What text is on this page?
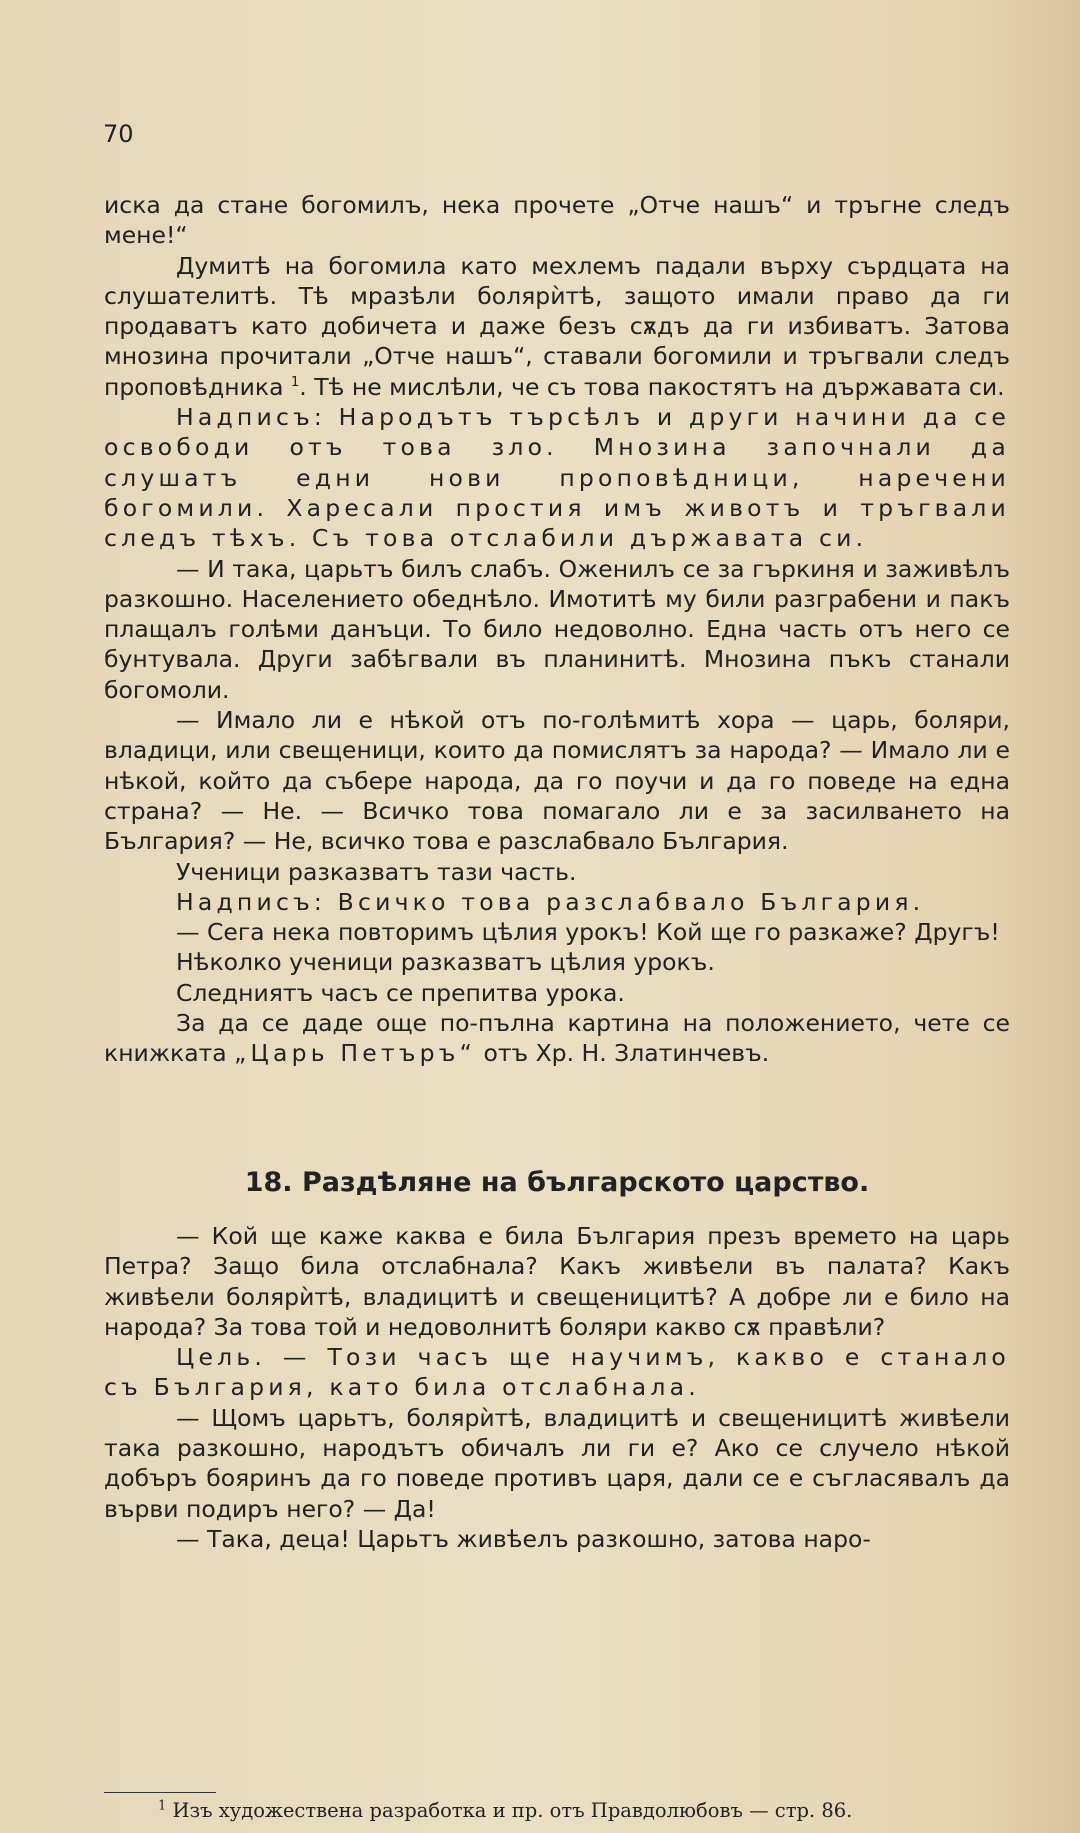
70

иска да стане богомилъ, нека прочете „Отче нашъ“ и тръгне следъ мене!“

Думитѣ на богомила като мехлемъ падали върху сърдцата на слушателитѣ. Тѣ мразѣли болярѝтѣ, защото имали право да ги продаватъ като добичета и даже безъ сѫдъ да ги избиватъ. Затова мнозина прочитали „Отче нашъ“, ставали богомили и тръгвали следъ проповѣдника $^1$. Тѣ не мислѣли, че съ това пакостятъ на държавата си.

Надписъ: Народътъ търсѣлъ и други начини да се освободи отъ това зло. Мнозина започнали да слушатъ едни нови проповѣдници, наречени богомили. Харесали простия имъ животъ и тръгвали следъ тѣхъ. Съ това отслабили държавата си.

— И така, царьтъ билъ слабъ. Оженилъ се за гъркиня и заживѣлъ разкошно. Населението обеднѣло. Имотитѣ му били разграбени и пакъ плащалъ голѣми данъци. То било недоволно. Една часть отъ него се бунтувала. Други забѣгвали въ планинитѣ. Мнозина пъкъ станали богомоли.

— Имало ли е нѣкой отъ по-голѣмитѣ хора — царь, боляри, владици, или свещеници, които да помислятъ за народа? — Имало ли е нѣкой, който да събере народа, да го поучи и да го поведе на една страна? — Не. — Всичко това помагало ли е за засилването на България? — Не, всичко това е разслабвало България.

Ученици разказватъ тази часть.

Надписъ: Всичко това разслабвало България.

— Сега нека повторимъ цѣлия урокъ! Кой ще го разкаже? Другъ!

Нѣколко ученици разказватъ цѣлия урокъ.

Следниятъ часъ се препитва урока.

За да се даде още по-пълна картина на положението, чете се книжката „Царь Петъръ“ отъ Хр. Н. Златинчевъ.

18. Раздѣляне на българското царство.

— Кой ще каже каква е била България презъ времето на царь Петра? Защо била отслабнала? Какъ живѣели въ палата? Какъ живѣели болярѝтѣ, владицитѣ и свещеницитѣ? А добре ли е било на народа? За това той и недоволнитѣ боляри какво сѫ правѣли?

Цель. — Този часъ ще научимъ, какво е станало съ България, като била отслабнала.

— Щомъ царьтъ, болярѝтѣ, владицитѣ и свещеницитѣ живѣели така разкошно, народътъ обичалъ ли ги е? Ако се случело нѣкой добъръ бояринъ да го поведе противъ царя, дали се е съгласявалъ да върви подиръ него? — Да!

— Така, деца! Царьтъ живѣелъ разкошно, затова наро-

$^1$ Изъ художествена разработка и пр. отъ Правдолюбовъ — стр. 86.
